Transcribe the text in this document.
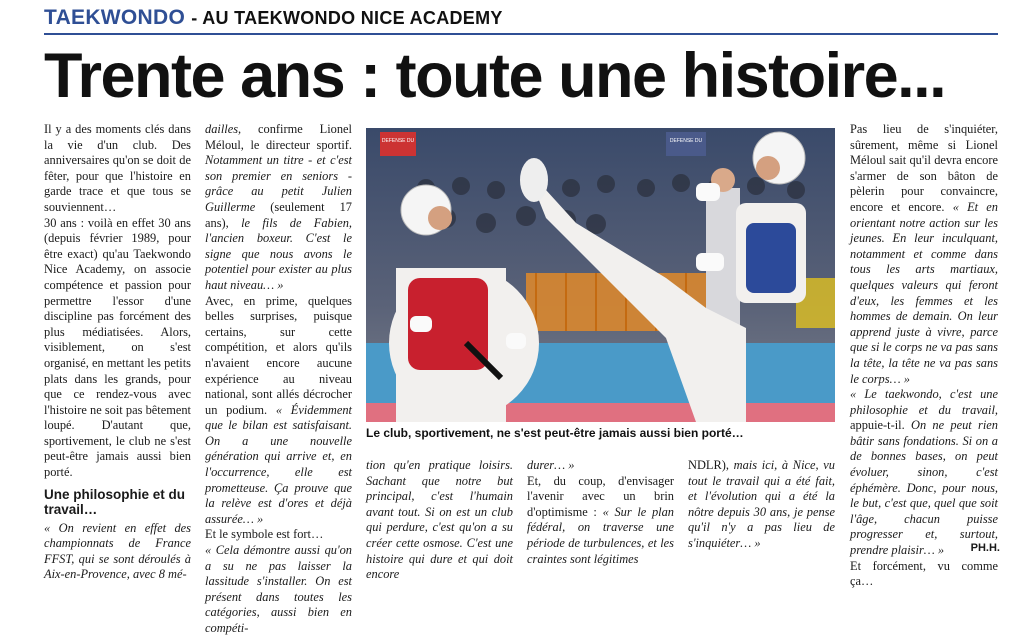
TAEKWONDO - AU TAEKWONDO NICE ACADEMY
Trente ans : toute une histoire...

Il y a des moments clés dans la vie d'un club. Des anniversaires qu'on se doit de fêter, pour que l'histoire en garde trace et que tous se souviennent…

30 ans : voilà en effet 30 ans (depuis février 1989, pour être exact) qu'au Taekwondo Nice Academy, on associe compétence et passion pour permettre l'essor d'une discipline pas forcément des plus médiatisées. Alors, visiblement, on s'est organisé, en mettant les petits plats dans les grands, pour que ce rendez-vous avec l'histoire ne soit pas bêtement loupé. D'autant que, sportivement, le club ne s'est peut-être jamais aussi bien porté.

Une philosophie et du travail…

« On revient en effet des championnats de France FFST, qui se sont déroulés à Aix-en-Provence, avec 8 mé-

dailles, confirme Lionel Méloul, le directeur sportif. Notamment un titre - et c'est son premier en seniors - grâce au petit Julien Guillerme (seulement 17 ans), le fils de Fabien, l'ancien boxeur. C'est le signe que nous avons le potentiel pour exister au plus haut niveau… »

Avec, en prime, quelques belles surprises, puisque certains, sur cette compétition, et alors qu'ils n'avaient encore aucune expérience au niveau national, sont allés décrocher un podium. « Évidemment que le bilan est satisfaisant. On a une nouvelle génération qui arrive et, en l'occurrence, elle est prometteuse. Ça prouve que la relève est d'ores et déjà assurée… »

Et le symbole est fort…

« Cela démontre aussi qu'on a su ne pas laisser la lassitude s'installer. On est présent dans toutes les catégories, aussi bien en compéti-

DEFENSE DU	DEFENSE DU
Le club, sportivement, ne s'est peut-être jamais aussi bien porté…

tion qu'en pratique loisirs. Sachant que notre but principal, c'est l'humain avant tout. Si on est un club qui perdure, c'est qu'on a su créer cette osmose. C'est une histoire qui dure et qui doit encore

durer… »

Et, du coup, d'envisager l'avenir avec un brin d'optimisme : « Sur le plan fédéral, on traverse une période de turbulences, et les craintes sont légitimes

NDLR), mais ici, à Nice, vu tout le travail qui a été fait, et l'évolution qui a été la nôtre depuis 30 ans, je pense qu'il n'y a pas lieu de s'inquiéter… »

Pas lieu de s'inquiéter, sûrement, même si Lionel Méloul sait qu'il devra encore s'armer de son bâton de pèlerin pour convaincre, encore et encore. « Et en orientant notre action sur les jeunes. En leur inculquant, notamment et comme dans tous les arts martiaux, quelques valeurs qui feront d'eux, les femmes et les hommes de demain. On leur apprend juste à vivre, parce que si le corps ne va pas sans la tête, la tête ne va pas sans le corps… »

« Le taekwondo, c'est une philosophie et du travail, appuie-t-il. On ne peut rien bâtir sans fondations. Si on a de bonnes bases, on peut évoluer, sinon, c'est éphémère. Donc, pour nous, le but, c'est que, quel que soit l'âge, chacun puisse progresser et, surtout, prendre plaisir… »

Et forcément, vu comme ça…

PH.H.
